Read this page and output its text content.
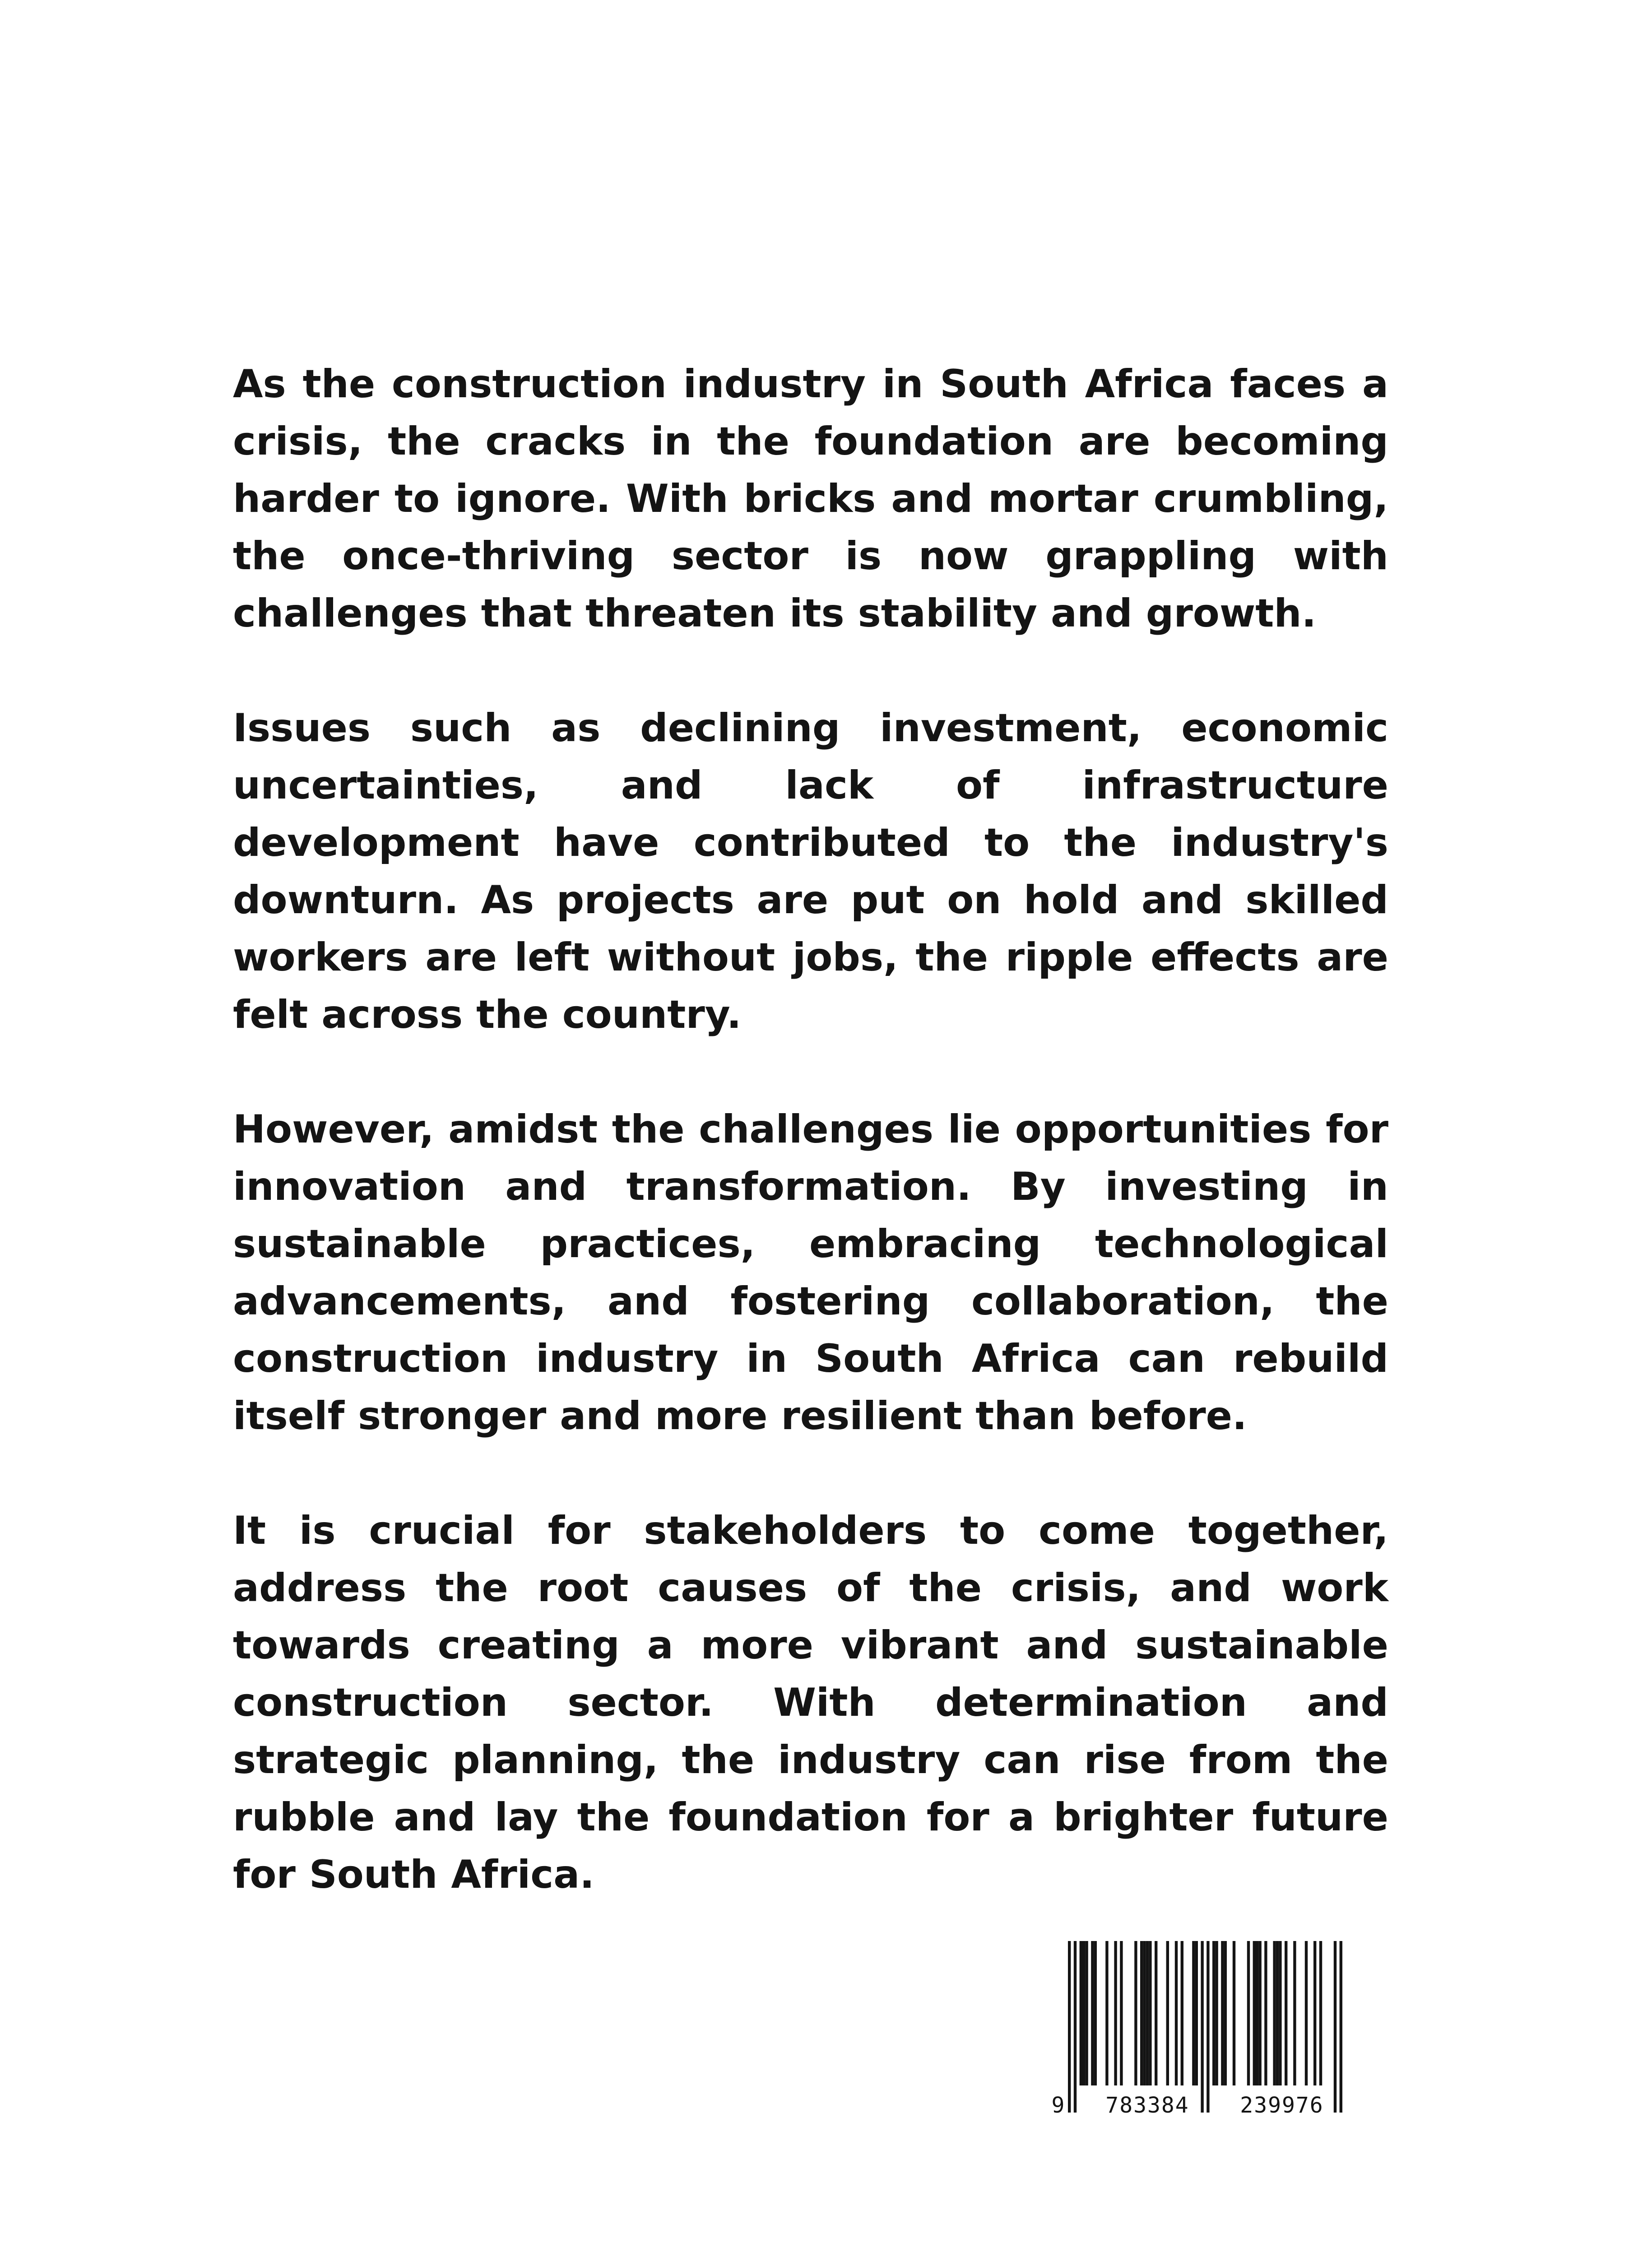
As the construction industry in South Africa faces a crisis, the cracks in the foundation are becoming harder to ignore. With bricks and mortar crumbling, the once-thriving sector is now grappling with challenges that threaten its stability and growth.

Issues such as declining investment, economic uncertainties, and lack of infrastructure development have contributed to the industry's downturn. As projects are put on hold and skilled workers are left without jobs, the ripple effects are felt across the country.

However, amidst the challenges lie opportunities for innovation and transformation. By investing in sustainable practices, embracing technological advancements, and fostering collaboration, the construction industry in South Africa can rebuild itself stronger and more resilient than before.

It is crucial for stakeholders to come together, address the root causes of the crisis, and work towards creating a more vibrant and sustainable construction sector. With determination and strategic planning, the industry can rise from the rubble and lay the foundation for a brighter future for South Africa.

9 783384 239976
